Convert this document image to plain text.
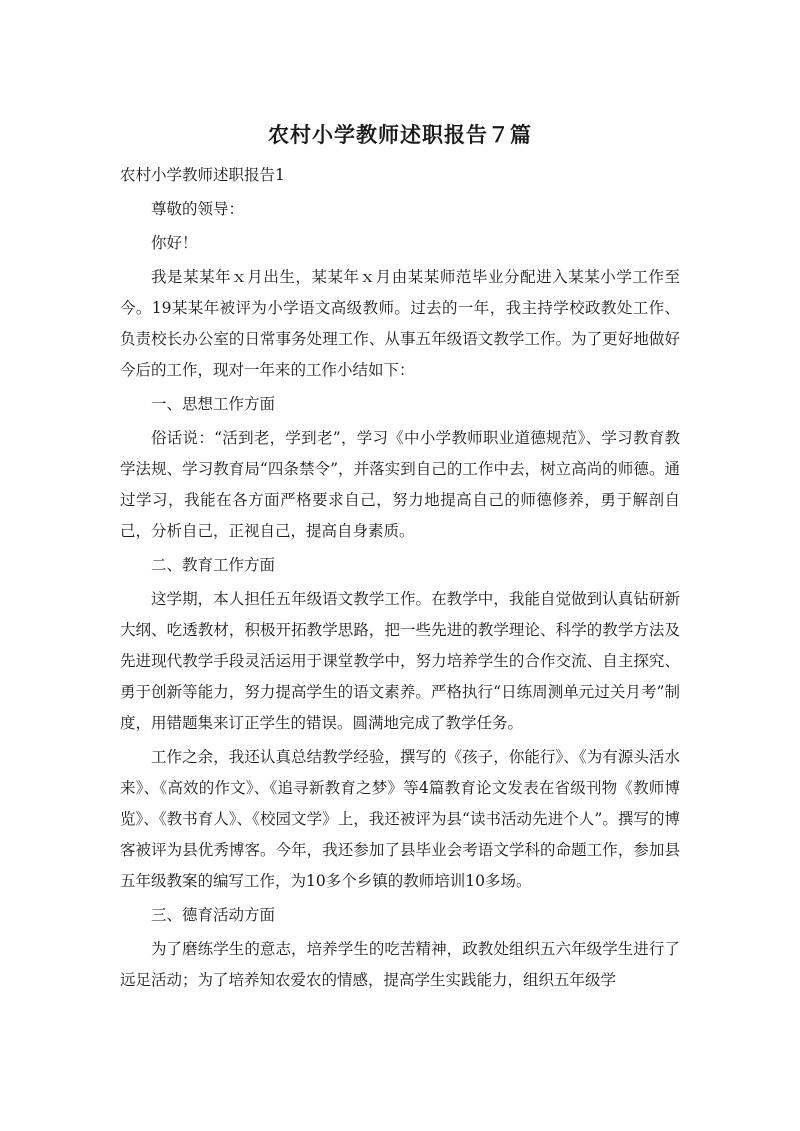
农村小学教师述职报告７篇

农村小学教师述职报告1

尊敬的领导：

你好！

我是某某年ｘ月出生，某某年ｘ月由某某师范毕业分配进入某某小学工作至今。19某某年被评为小学语文高级教师。过去的一年，我主持学校政教处工作、负责校长办公室的日常事务处理工作、从事五年级语文教学工作。为了更好地做好今后的工作，现对一年来的工作小结如下：

一、思想工作方面

俗话说：“活到老，学到老”，学习《中小学教师职业道德规范》、学习教育教学法规、学习教育局“四条禁令”，并落实到自己的工作中去，树立高尚的师德。通过学习，我能在各方面严格要求自己，努力地提高自己的师德修养，勇于解剖自己，分析自己，正视自己，提高自身素质。

二、教育工作方面

这学期，本人担任五年级语文教学工作。在教学中，我能自觉做到认真钻研新大纲、吃透教材，积极开拓教学思路，把一些先进的教学理论、科学的教学方法及先进现代教学手段灵活运用于课堂教学中，努力培养学生的合作交流、自主探究、勇于创新等能力，努力提高学生的语文素养。严格执行“日练周测单元过关月考”制度，用错题集来订正学生的错误。圆满地完成了教学任务。

工作之余，我还认真总结教学经验，撰写的《孩子，你能行》、《为有源头活水来》、《高效的作文》、《追寻新教育之梦》等4篇教育论文发表在省级刊物《教师博览》、《教书育人》、《校园文学》上，我还被评为县“读书活动先进个人”。撰写的博客被评为县优秀博客。今年，我还参加了县毕业会考语文学科的命题工作，参加县五年级教案的编写工作，为10多个乡镇的教师培训10多场。

三、德育活动方面

为了磨练学生的意志，培养学生的吃苦精神，政教处组织五六年级学生进行了远足活动；为了培养知农爱农的情感，提高学生实践能力，组织五年级学
